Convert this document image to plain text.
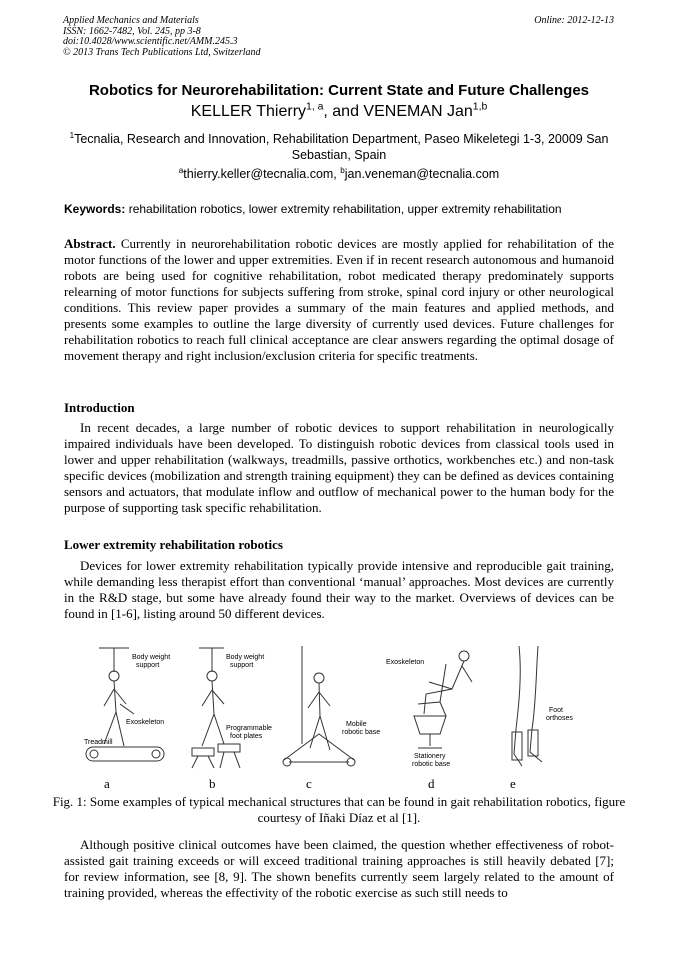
Applied Mechanics and Materials
ISSN: 1662-7482, Vol. 245, pp 3-8
doi:10.4028/www.scientific.net/AMM.245.3
© 2013 Trans Tech Publications Ltd, Switzerland
Online: 2012-12-13
Robotics for Neurorehabilitation: Current State and Future Challenges
KELLER Thierry$^{1, a}$, and VENEMAN Jan$^{1,b}$
$^1$Tecnalia, Research and Innovation, Rehabilitation Department, Paseo Mikeletegi 1-3, 20009 San Sebastian, Spain
$^a$thierry.keller@tecnalia.com, $^b$jan.veneman@tecnalia.com
Keywords: rehabilitation robotics, lower extremity rehabilitation, upper extremity rehabilitation

Abstract. Currently in neurorehabilitation robotic devices are mostly applied for rehabilitation of the motor functions of the lower and upper extremities. Even if in recent research autonomous and humanoid robots are being used for cognitive rehabilitation, robot medicated therapy predominately supports relearning of motor functions for subjects suffering from stroke, spinal cord injury or other neurological conditions. This review paper provides a summary of the main features and applied methods, and presents some examples to outline the large diversity of currently used devices. Future challenges for rehabilitation robotics to reach full clinical acceptance are clear answers regarding the optimal dosage of movement therapy and right inclusion/exclusion criteria for specific treatments.

Introduction

In recent decades, a large number of robotic devices to support rehabilitation in neurologically impaired individuals have been developed. To distinguish robotic devices from classical tools used in lower and upper rehabilitation (walkways, treadmills, passive orthotics, workbenches etc.) and non-task specific devices (mobilization and strength training equipment) they can be defined as devices containing sensors and actuators, that modulate inflow and outflow of mechanical power to the human body for the purpose of supporting task specific rehabilitation.

Lower extremity rehabilitation robotics

Devices for lower extremity rehabilitation typically provide intensive and reproducible gait training, while demanding less therapist effort than conventional ‘manual’ approaches. Most devices are currently in the R&D stage, but some have already found their way to the market. Overviews of devices can be found in [1-6], listing around 50 different devices.

Body weight support
Exoskeleton
Treadmill
Body weight support
Programmable foot plates
Mobile robotic base
Exoskeleton
Stationery robotic base
Foot orthoses
a	b	c	d	e
Fig. 1: Some examples of typical mechanical structures that can be found in gait rehabilitation robotics, figure courtesy of Iñaki Díaz et al [1].

Although positive clinical outcomes have been claimed, the question whether effectiveness of robot-assisted gait training exceeds or will exceed traditional training approaches is still heavily debated [7]; for review information, see [8, 9]. The shown benefits currently seem largely related to the amount of training provided, whereas the effectivity of the robotic exercise as such still needs to
